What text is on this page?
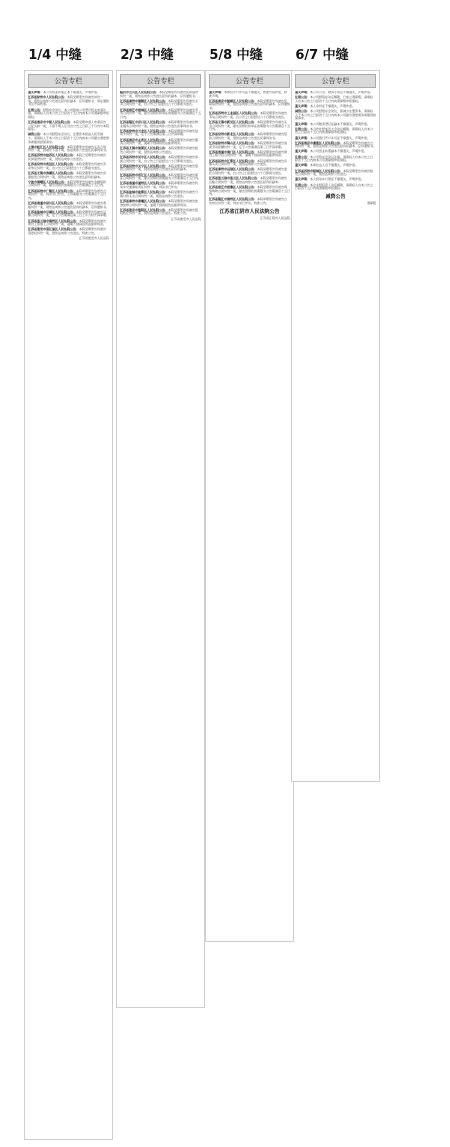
1/4 中缝
公告专栏
遗失声明：本公司营业执照正本不慎遗失，声明作废。
江苏省徐州市人民法院公告：本院受理原告诉被告纠纷一案，现依法向你公告送达起诉状副本、应诉通知书、举证通知书及开庭传票。
注销公告：经股东会决议，本公司拟向公司登记机关申请注销，请债权人自本公告之日起四十五日内向本公司清算组申报债权。
江苏省南京市中级人民法院公告：本院受理申请人申请宣告公民失踪一案，下落不明人应当自公告之日起三个月内与本院联系。
减资公告：本公司经股东会决议，注册资本拟由人民币减少，请债权人于本公告之日起四十五日内向本公司提出清偿债务或提供担保请求。
上海市松江区人民法院公告：本院受理原告诉被告买卖合同纠纷一案，因被告下落不明，依法向你公告送达民事判决书。
江苏省苏州市姑苏区人民法院公告：本院已受理原告诉被告民间借贷纠纷一案，现依法向你公告送达。
江苏省常州市武进区人民法院公告：本院受理原告诉被告劳动争议纠纷一案，自公告之日起经过六十日即视为送达。
江苏省无锡市滨湖区人民法院公告：本院受理原告诉被告房屋租赁合同纠纷一案，现依法向你公告送达起诉状副本。
宁波市海曙区人民法院公告：本院受理原告诉被告金融借款合同纠纷一案，提出答辩状的期限为公告期满后十五日内。
江苏省扬州市广陵区人民法院公告：本院审理原告诉被告合同纠纷一案，判决书已作出，上诉期限为公告期满后十五日内。
江苏省南通市崇川区人民法院公告：本院受理原告诉被告离婚纠纷一案，现依法向你公告送达起诉状副本、应诉通知书。
江苏省盐城市亭湖区人民法院公告：本院受理原告诉被告运输合同纠纷一案，定于公告期满后第三日上午九时开庭审理。
江苏省连云港市海州区人民法院公告：本院受理原告诉被告建设工程施工合同纠纷一案，逾期不到庭将依法缺席判决。
江苏省淮安市清江浦区人民法院公告：本院受理原告诉被告追偿权纠纷一案，现依法向你公告送达。特此公告。
江苏省淮安市人民法院
2/3 中缝
公告专栏
临沂市兰山区人民法院公告：本院受理原告诉被告民间借贷纠纷一案，现依法向你公告送达起诉状副本、应诉通知书。
江苏省泰州市海陵区人民法院公告：本院受理原告诉被告买卖合同纠纷一案，自公告之日起经过六十日即视为送达。
江苏省宿迁市宿城区人民法院公告：本院受理原告诉被告劳务合同纠纷一案，提出答辩状和举证的期限为公告期满后十五日内。
江苏省镇江市京口区人民法院公告：本院审理原告诉被告物业服务合同纠纷一案，现依法向你公告送达民事判决书。
江苏省徐州市云龙区人民法院公告：本院受理原告诉被告信用卡纠纷一案，定于公告期满后第三日开庭审理。
江苏省南京市玄武区人民法院公告：本院受理原告诉被告服务合同纠纷一案，逾期不到庭将依法缺席判决。
江苏省无锡市梁溪区人民法院公告：本院受理原告诉被告租赁合同纠纷一案，现依法向你公告送达。
江苏省苏州市吴中区人民法院公告：本院受理原告诉被告承揽合同纠纷一案，自公告之日起经过六十日即视为送达。
江苏省常州市天宁区人民法院公告：本院受理原告诉被告借款合同纠纷一案，现依法向你公告送达起诉状副本。
江苏省扬州市邗江区人民法院公告：本院受理原告诉被告保证合同纠纷一案，提出答辩状的期限为公告期满后十五日内。
江苏省南通市通州区人民法院公告：本院审理原告诉被告机动车交通事故责任纠纷一案，判决书已作出。
江苏省盐城市盐都区人民法院公告：本院受理原告诉被告分期付款买卖合同纠纷一案，现依法向你公告送达。
江苏省泰州市姜堰区人民法院公告：本院受理原告诉被告装饰装修合同纠纷一案，逾期不到庭将依法缺席判决。
江苏省淮安市淮阴区人民法院公告：本院受理原告诉被告股权转让纠纷一案，现依法向你公告送达。特此公告。
江苏省淮安市人民法院
5/8 中缝
公告专栏
遗失声明：本单位开户许可证不慎遗失，核准号码作废，特此声明。
江苏省南京市鼓楼区人民法院公告：本院受理原告诉被告民间借贷纠纷一案，现依法向你公告送达起诉状副本、应诉通知书。
江苏省苏州市工业园区人民法院公告：本院受理原告诉被告劳动合同纠纷一案，自公告之日起经过六十日即视为送达。
江苏省无锡市新吴区人民法院公告：本院受理原告诉被告买卖合同纠纷一案，提出答辩状和举证的期限为公告期满后十五日内。
江苏省常州市新北区人民法院公告：本院审理原告诉被告借款合同纠纷一案，现依法向你公告送达民事判决书。
江苏省徐州市铜山区人民法院公告：本院受理原告诉被告追索劳动报酬纠纷一案，定于公告期满后第三日开庭审理。
江苏省南通市海门区人民法院公告：本院受理原告诉被告建设工程分包合同纠纷一案，逾期不到庭将依法缺席判决。
江苏省扬州市江都区人民法院公告：本院受理原告诉被告房屋买卖合同纠纷一案，现依法向你公告送达。
江苏省泰州市高港区人民法院公告：本院受理原告诉被告委托合同纠纷一案，自公告之日起经过六十日即视为送达。
江苏省连云港市连云区人民法院公告：本院受理原告诉被告运输合同纠纷一案，现依法向你公告送达起诉状副本。
江苏省宿迁市宿豫区人民法院公告：本院受理原告诉被告网络购物合同纠纷一案，提出答辩状的期限为公告期满后十五日内。
江苏省镇江市润州区人民法院公告：本院审理原告诉被告合伙协议纠纷一案，判决书已作出。特此公告。
江苏省江阴市人民法院公告
江苏省江阴市人民法院
6/7 中缝
公告专栏
遗失声明：本公司公章、财务专用章不慎遗失，声明作废。
注销公告：本公司经股东决定解散，已成立清算组，请债权人自本公告之日起四十五日内向清算组申报债权。
遗失声明：本人身份证不慎遗失，声明作废。
减资公告：本公司经股东会决议，拟减少注册资本，请债权人于本公告之日起四十五日内向本公司提出清偿债务或提供担保请求。
遗失声明：本公司税务登记证副本不慎遗失，声明作废。
注销公告：本合作社经成员大会决议解散，请债权人自本公告之日起四十五日内向清算组申报债权。
遗失声明：本公司银行开户许可证不慎遗失，声明作废。
江苏省南京市秦淮区人民法院公告：本院受理原告诉被告合同纠纷一案，现依法向你公告送达起诉状副本、应诉通知书。
遗失声明：本公司营业执照副本不慎遗失，声明作废。
注销公告：本公司股东会决议注销，请债权人自本公告之日起四十五日内向本公司清算组申报债权。
遗失声明：本单位法人章不慎遗失，声明作废。
江苏省苏州市相城区人民法院公告：本院受理原告诉被告租赁合同纠纷一案，现依法向你公告送达。
遗失声明：本人机动车行驶证不慎遗失，声明作废。
注销公告：本企业经投资人决定解散，请债权人自本公告之日起四十五日内向清算组申报债权。
减资公告
清算组
